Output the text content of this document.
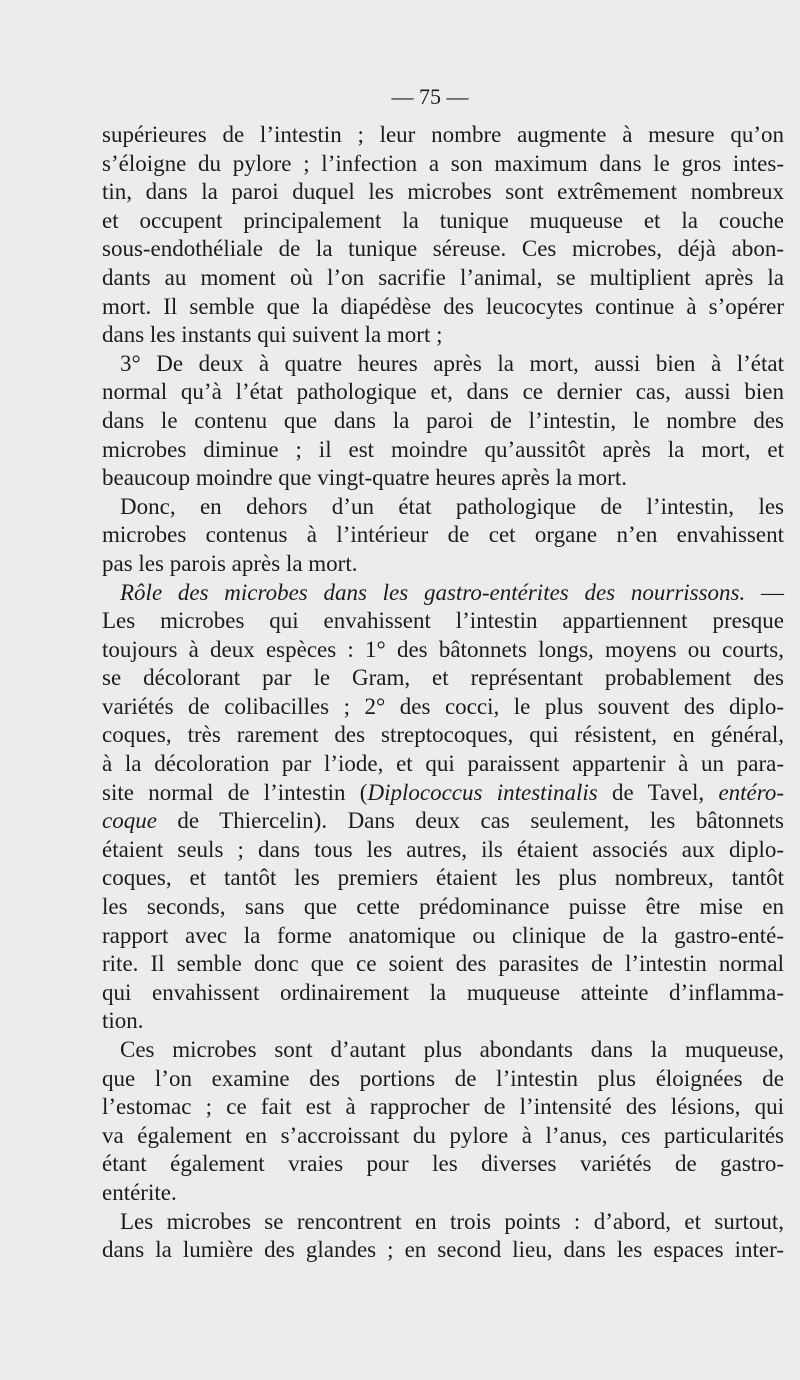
— 75 —
supérieures de l’intestin ; leur nombre augmente à mesure qu’on
s’éloigne du pylore ; l’infection a son maximum dans le gros intes-
tin, dans la paroi duquel les microbes sont extrêmement nombreux
et occupent principalement la tunique muqueuse et la couche
sous-endothéliale de la tunique séreuse. Ces microbes, déjà abon-
dants au moment où l’on sacrifie l’animal, se multiplient après la
mort. Il semble que la diapédèse des leucocytes continue à s’opérer
dans les instants qui suivent la mort ;
3° De deux à quatre heures après la mort, aussi bien à l’état
normal qu’à l’état pathologique et, dans ce dernier cas, aussi bien
dans le contenu que dans la paroi de l’intestin, le nombre des
microbes diminue ; il est moindre qu’aussitôt après la mort, et
beaucoup moindre que vingt-quatre heures après la mort.
Donc, en dehors d’un état pathologique de l’intestin, les
microbes contenus à l’intérieur de cet organe n’en envahissent
pas les parois après la mort.
Rôle des microbes dans les gastro-entérites des nourrissons. —
Les microbes qui envahissent l’intestin appartiennent presque
toujours à deux espèces : 1° des bâtonnets longs, moyens ou courts,
se décolorant par le Gram, et représentant probablement des
variétés de colibacilles ; 2° des cocci, le plus souvent des diplo-
coques, très rarement des streptocoques, qui résistent, en général,
à la décoloration par l’iode, et qui paraissent appartenir à un para-
site normal de l’intestin (Diplococcus intestinalis de Tavel, entéro-
coque de Thiercelin). Dans deux cas seulement, les bâtonnets
étaient seuls ; dans tous les autres, ils étaient associés aux diplo-
coques, et tantôt les premiers étaient les plus nombreux, tantôt
les seconds, sans que cette prédominance puisse être mise en
rapport avec la forme anatomique ou clinique de la gastro-enté-
rite. Il semble donc que ce soient des parasites de l’intestin normal
qui envahissent ordinairement la muqueuse atteinte d’inflamma-
tion.
Ces microbes sont d’autant plus abondants dans la muqueuse,
que l’on examine des portions de l’intestin plus éloignées de
l’estomac ; ce fait est à rapprocher de l’intensité des lésions, qui
va également en s’accroissant du pylore à l’anus, ces particularités
étant également vraies pour les diverses variétés de gastro-
entérite.
Les microbes se rencontrent en trois points : d’abord, et surtout,
dans la lumière des glandes ; en second lieu, dans les espaces inter-
